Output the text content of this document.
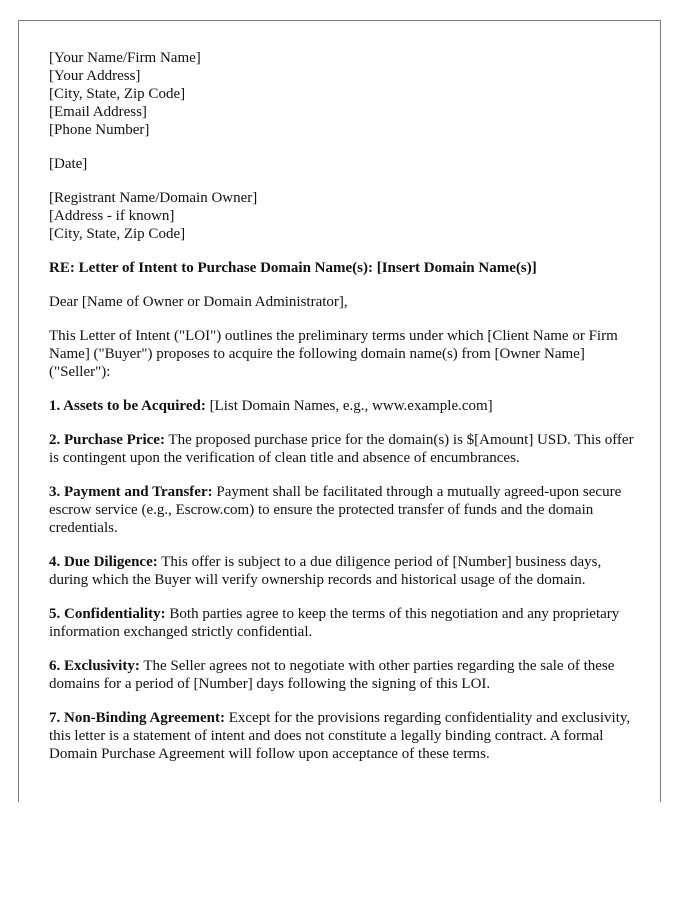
[Your Name/Firm Name]
[Your Address]
[City, State, Zip Code]
[Email Address]
[Phone Number]
[Date]
[Registrant Name/Domain Owner]
[Address - if known]
[City, State, Zip Code]

RE: Letter of Intent to Purchase Domain Name(s): [Insert Domain Name(s)]

Dear [Name of Owner or Domain Administrator],

This Letter of Intent ("LOI") outlines the preliminary terms under which [Client Name or Firm Name] ("Buyer") proposes to acquire the following domain name(s) from [Owner Name] ("Seller"):

1. Assets to be Acquired: [List Domain Names, e.g., www.example.com]

2. Purchase Price: The proposed purchase price for the domain(s) is $[Amount] USD. This offer is contingent upon the verification of clean title and absence of encumbrances.

3. Payment and Transfer: Payment shall be facilitated through a mutually agreed-upon secure escrow service (e.g., Escrow.com) to ensure the protected transfer of funds and the domain credentials.

4. Due Diligence: This offer is subject to a due diligence period of [Number] business days, during which the Buyer will verify ownership records and historical usage of the domain.

5. Confidentiality: Both parties agree to keep the terms of this negotiation and any proprietary information exchanged strictly confidential.

6. Exclusivity: The Seller agrees not to negotiate with other parties regarding the sale of these domains for a period of [Number] days following the signing of this LOI.

7. Non-Binding Agreement: Except for the provisions regarding confidentiality and exclusivity, this letter is a statement of intent and does not constitute a legally binding contract. A formal Domain Purchase Agreement will follow upon acceptance of these terms.
